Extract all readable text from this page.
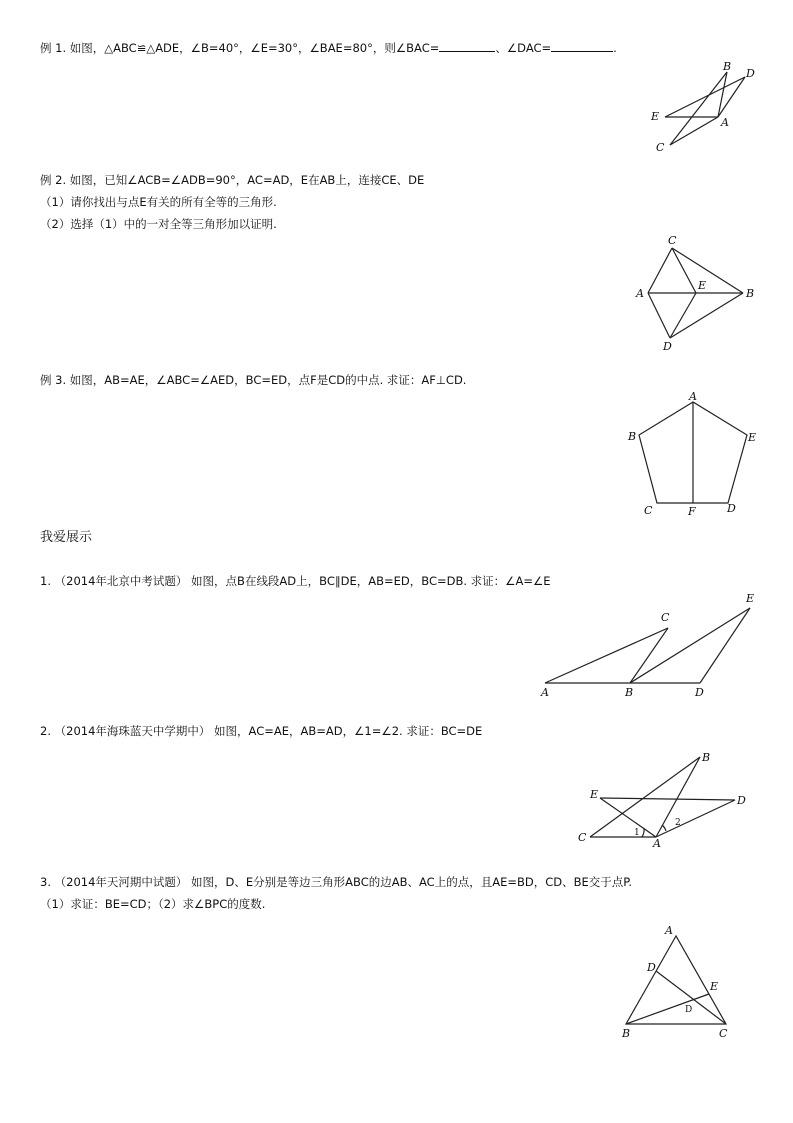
例 1. 如图，△ABC≌△ADE，∠B=40°，∠E=30°，∠BAE=80°，则∠BAC=	、∠DAC=	.
B
D
E	A
C
例 2. 如图，已知∠ACB=∠ADB=90°，AC=AD，E在AB上，连接CE、DE
（1）请你找出与点E有关的所有全等的三角形.
（2）选择（1）中的一对全等三角形加以证明.
C
A
E
B
D
例 3. 如图，AB=AE，∠ABC=∠AED，BC=ED，点F是CD的中点. 求证：AF⊥CD.
A
B	E
C	F	D
我爱展示
1. （2014年北京中考试题） 如图，点B在线段AD上，BC∥DE，AB=ED，BC=DB. 求证：∠A=∠E
C
E
A	B	D
2. （2014年海珠蓝天中学期中） 如图，AC=AE，AB=AD，∠1=∠2. 求证：BC=DE
B
E	D
C	A
1
2
3. （2014年天河期中试题） 如图，D、E分别是等边三角形ABC的边AB、AC上的点，且AE=BD，CD、BE交于点P.
（1）求证：BE=CD；（2）求∠BPC的度数.
A
D
E
D
B	C
